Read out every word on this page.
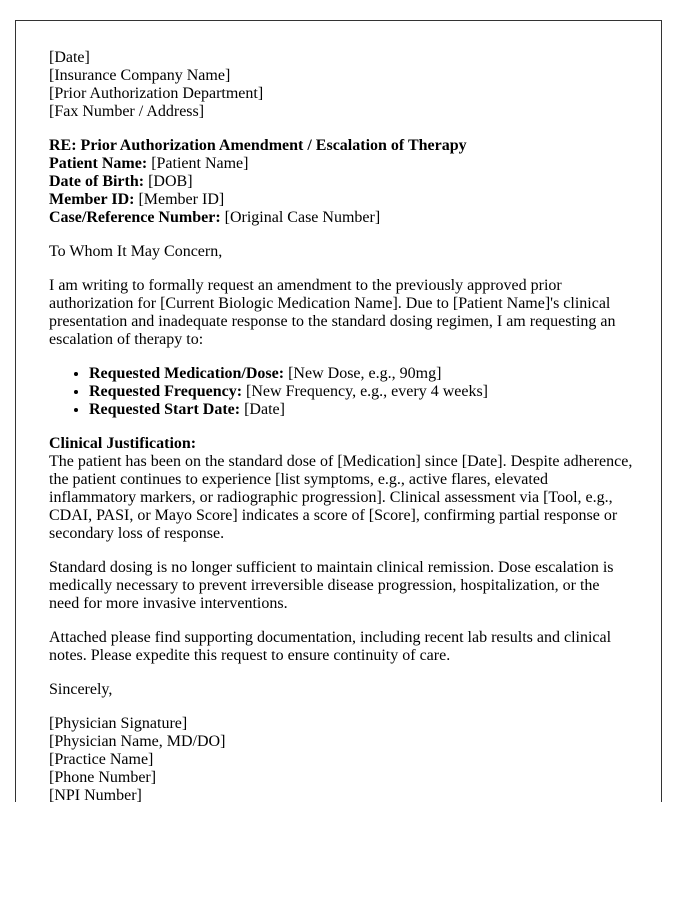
[Date]
[Insurance Company Name]
[Prior Authorization Department]
[Fax Number / Address]

RE: Prior Authorization Amendment / Escalation of Therapy
Patient Name: [Patient Name]
Date of Birth: [DOB]
Member ID: [Member ID]
Case/Reference Number: [Original Case Number]

To Whom It May Concern,

I am writing to formally request an amendment to the previously approved prior authorization for [Current Biologic Medication Name]. Due to [Patient Name]'s clinical presentation and inadequate response to the standard dosing regimen, I am requesting an escalation of therapy to:

• Requested Medication/Dose: [New Dose, e.g., 90mg]
• Requested Frequency: [New Frequency, e.g., every 4 weeks]
• Requested Start Date: [Date]

Clinical Justification:
The patient has been on the standard dose of [Medication] since [Date]. Despite adherence, the patient continues to experience [list symptoms, e.g., active flares, elevated inflammatory markers, or radiographic progression]. Clinical assessment via [Tool, e.g., CDAI, PASI, or Mayo Score] indicates a score of [Score], confirming partial response or secondary loss of response.

Standard dosing is no longer sufficient to maintain clinical remission. Dose escalation is medically necessary to prevent irreversible disease progression, hospitalization, or the need for more invasive interventions.

Attached please find supporting documentation, including recent lab results and clinical notes. Please expedite this request to ensure continuity of care.

Sincerely,

[Physician Signature]
[Physician Name, MD/DO]
[Practice Name]
[Phone Number]
[NPI Number]
